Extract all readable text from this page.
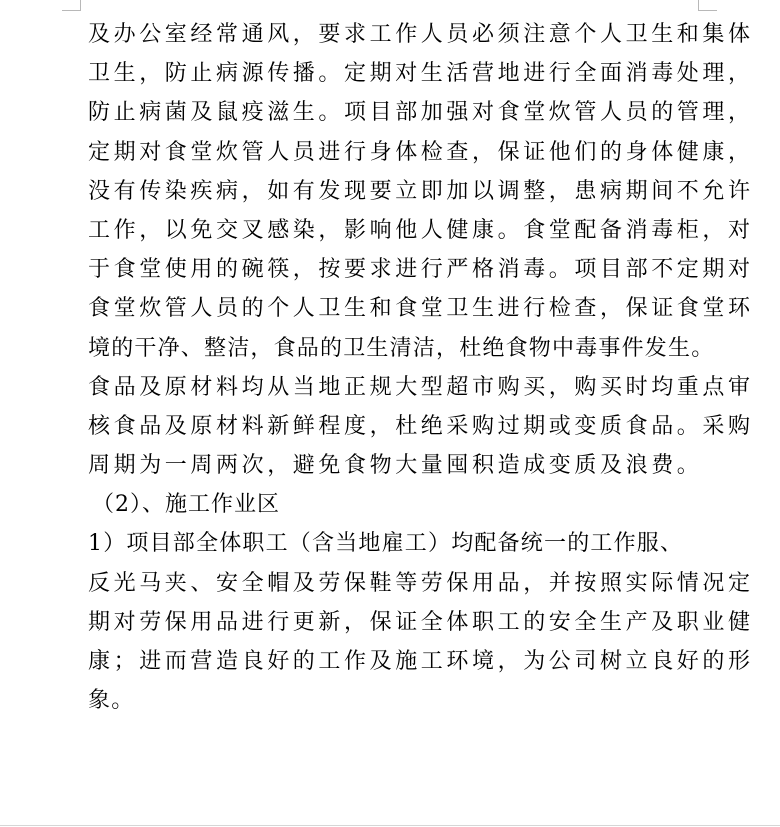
及办公室经常通风，要求工作人员必须注意个人卫生和集体
卫生，防止病源传播。定期对生活营地进行全面消毒处理，
防止病菌及鼠疫滋生。项目部加强对食堂炊管人员的管理，
定期对食堂炊管人员进行身体检查，保证他们的身体健康，
没有传染疾病，如有发现要立即加以调整，患病期间不允许
工作，以免交叉感染，影响他人健康。食堂配备消毒柜，对
于食堂使用的碗筷，按要求进行严格消毒。项目部不定期对
食堂炊管人员的个人卫生和食堂卫生进行检查，保证食堂环
境的干净、整洁，食品的卫生清洁，杜绝食物中毒事件发生。
食品及原材料均从当地正规大型超市购买，购买时均重点审
核食品及原材料新鲜程度，杜绝采购过期或变质食品。采购
周期为一周两次，避免食物大量囤积造成变质及浪费。
（2）、施工作业区
1）项目部全体职工（含当地雇工）均配备统一的工作服、
反光马夹、安全帽及劳保鞋等劳保用品，并按照实际情况定
期对劳保用品进行更新，保证全体职工的安全生产及职业健
康；进而营造良好的工作及施工环境，为公司树立良好的形
象。
